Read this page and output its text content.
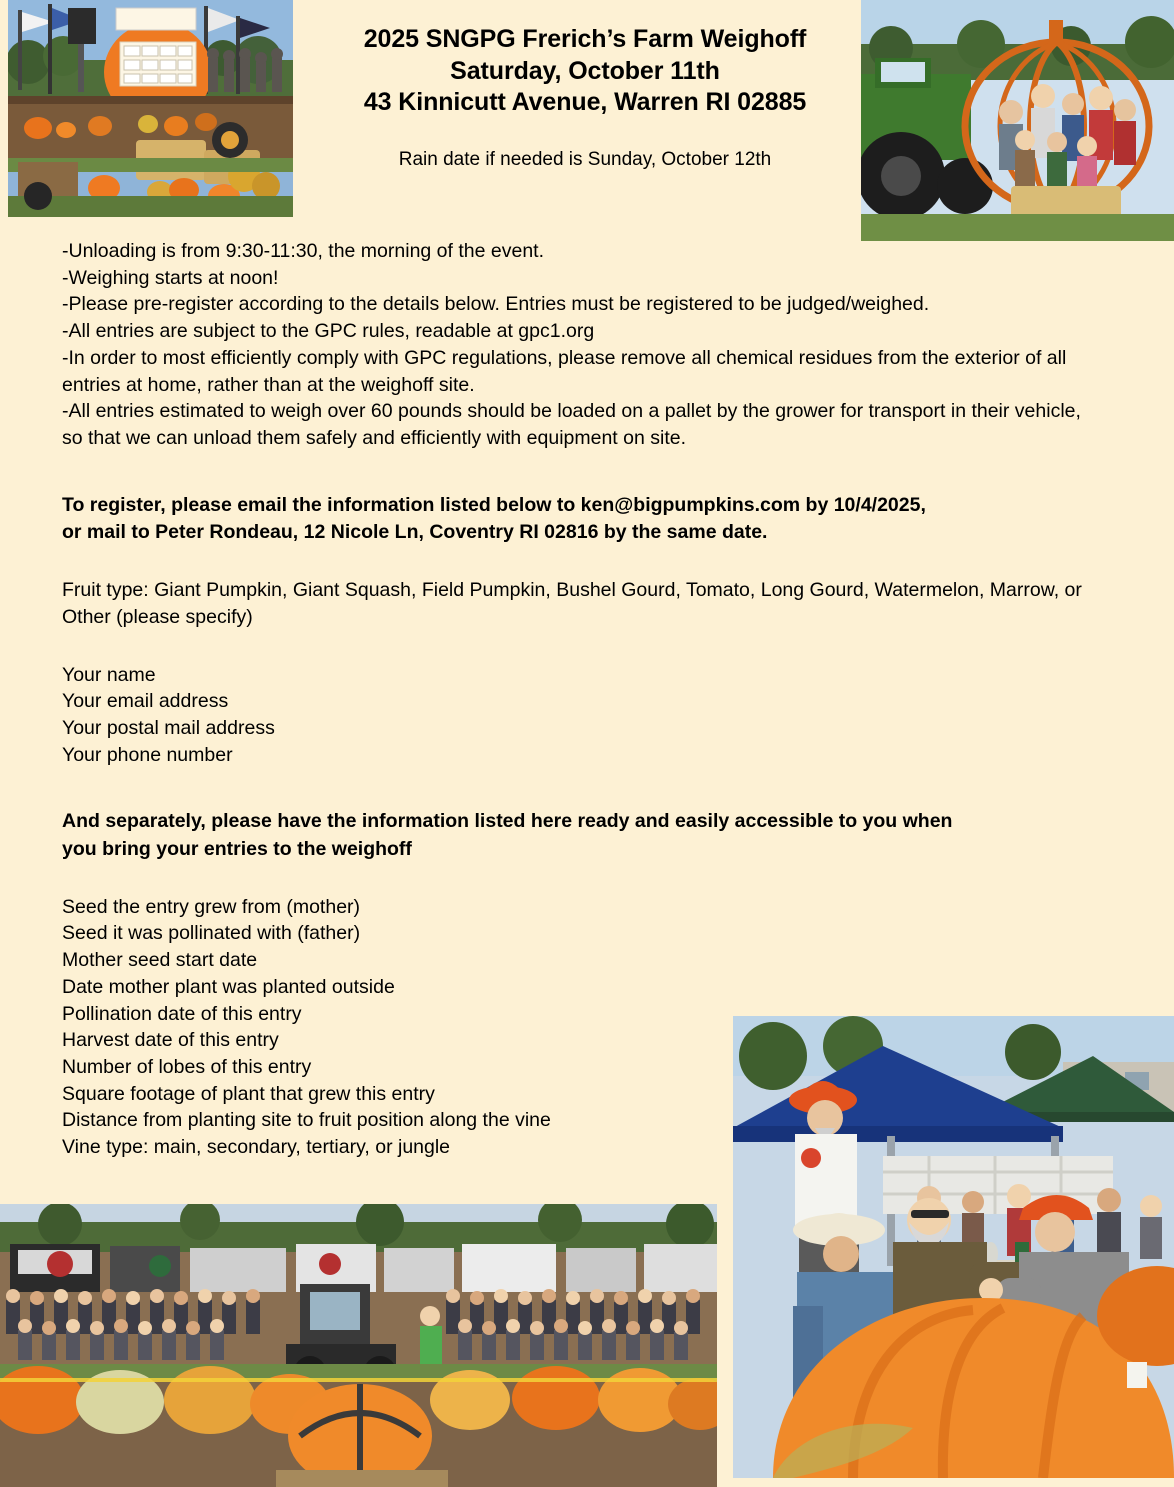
2025 SNGPG Frerich’s Farm Weighoff
Saturday, October 11th
43 Kinnicutt Avenue, Warren RI 02885
Rain date if needed is Sunday, October 12th

-Unloading is from 9:30-11:30, the morning of the event.

-Weighing starts at noon!

-Please pre-register according to the details below. Entries must be registered to be judged/weighed.

-All entries are subject to the GPC rules, readable at gpc1.org

-In order to most efficiently comply with GPC regulations, please remove all chemical residues from the exterior of all entries at home, rather than at the weighoff site.

-All entries estimated to weigh over 60 pounds should be loaded on a pallet by the grower for transport in their vehicle, so that we can unload them safely and efficiently with equipment on site.

To register, please email the information listed below to ken@bigpumpkins.com by 10/4/2025,

or mail to Peter Rondeau, 12 Nicole Ln, Coventry RI 02816 by the same date.

Fruit type: Giant Pumpkin, Giant Squash, Field Pumpkin, Bushel Gourd, Tomato, Long Gourd, Watermelon, Marrow, or Other (please specify)

Your name

Your email address

Your postal mail address

Your phone number

And separately, please have the information listed here ready and easily accessible to you when

you bring your entries to the weighoff

Seed the entry grew from (mother)

Seed it was pollinated with (father)

Mother seed start date

Date mother plant was planted outside

Pollination date of this entry

Harvest date of this entry

Number of lobes of this entry

Square footage of plant that grew this entry

Distance from planting site to fruit position along the vine

Vine type: main, secondary, tertiary, or jungle
